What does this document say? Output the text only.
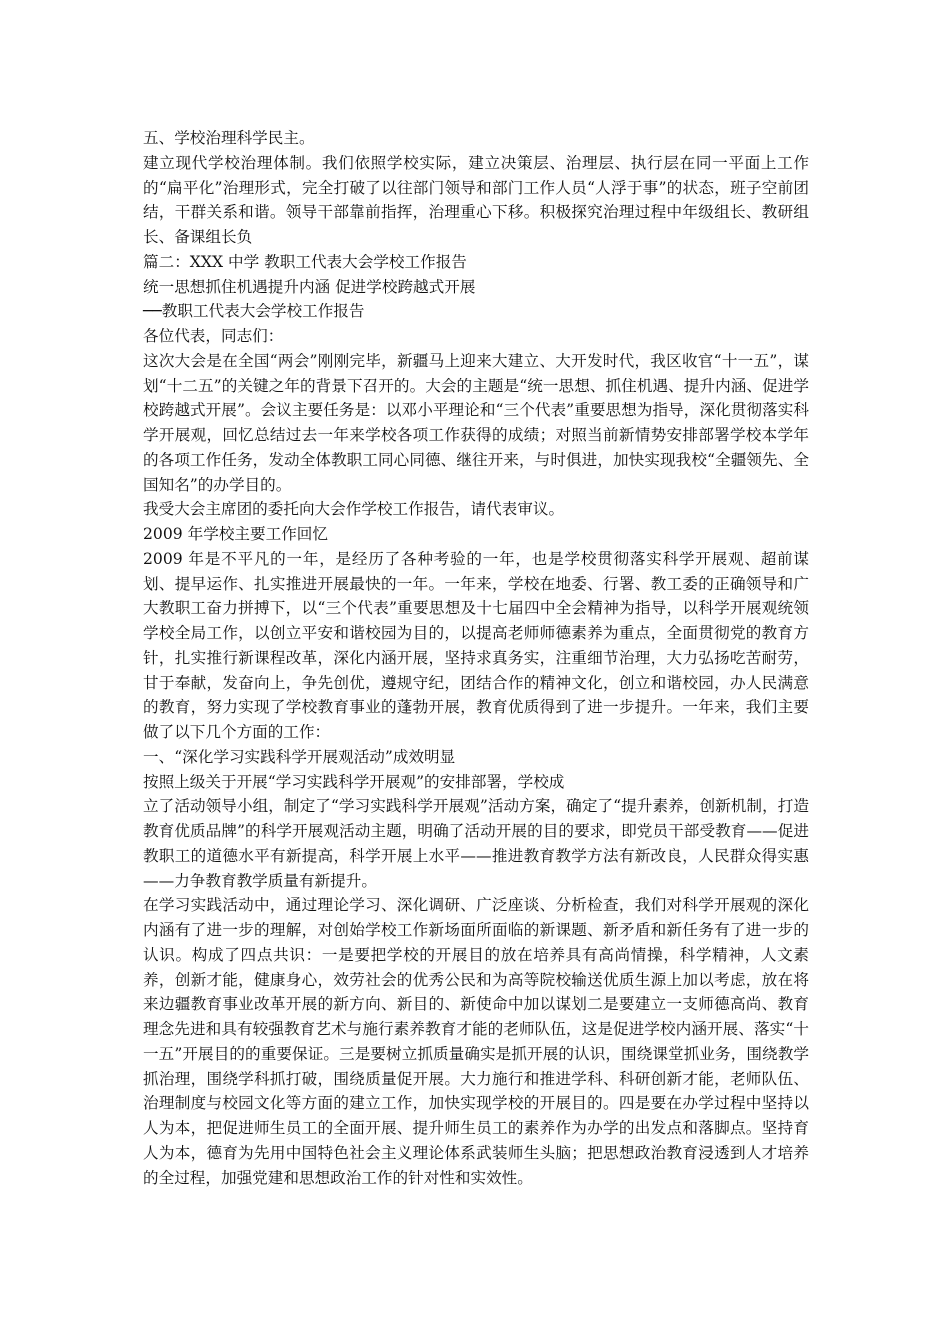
五、学校治理科学民主。

建立现代学校治理体制。我们依照学校实际，建立决策层、治理层、执行层在同一平面上工作的“扁平化”治理形式，完全打破了以往部门领导和部门工作人员“人浮于事”的状态，班子空前团结，干群关系和谐。领导干部靠前指挥，治理重心下移。积极探究治理过程中年级组长、教研组长、备课组长负

篇二：XXX 中学 教职工代表大会学校工作报告

统一思想抓住机遇提升内涵 促进学校跨越式开展

──教职工代表大会学校工作报告

各位代表，同志们：

这次大会是在全国“两会”刚刚完毕，新疆马上迎来大建立、大开发时代，我区收官“十一五”，谋划“十二五”的关键之年的背景下召开的。大会的主题是“统一思想、抓住机遇、提升内涵、促进学校跨越式开展”。会议主要任务是：以邓小平理论和“三个代表”重要思想为指导，深化贯彻落实科学开展观，回忆总结过去一年来学校各项工作获得的成绩；对照当前新情势安排部署学校本学年的各项工作任务，发动全体教职工同心同德、继往开来，与时俱进，加快实现我校“全疆领先、全国知名”的办学目的。

我受大会主席团的委托向大会作学校工作报告，请代表审议。

2009 年学校主要工作回忆

2009 年是不平凡的一年，是经历了各种考验的一年，也是学校贯彻落实科学开展观、超前谋划、提早运作、扎实推进开展最快的一年。一年来，学校在地委、行署、教工委的正确领导和广大教职工奋力拼搏下，以“三个代表”重要思想及十七届四中全会精神为指导，以科学开展观统领学校全局工作，以创立平安和谐校园为目的，以提高老师师德素养为重点，全面贯彻党的教育方针，扎实推行新课程改革，深化内涵开展，坚持求真务实，注重细节治理，大力弘扬吃苦耐劳，甘于奉献，发奋向上，争先创优，遵规守纪，团结合作的精神文化，创立和谐校园，办人民满意的教育，努力实现了学校教育事业的蓬勃开展，教育优质得到了进一步提升。一年来，我们主要做了以下几个方面的工作：

一、“深化学习实践科学开展观活动”成效明显

按照上级关于开展“学习实践科学开展观”的安排部署，学校成

立了活动领导小组，制定了“学习实践科学开展观”活动方案，确定了“提升素养，创新机制，打造教育优质品牌”的科学开展观活动主题，明确了活动开展的目的要求，即党员干部受教育——促进教职工的道德水平有新提高，科学开展上水平——推进教育教学方法有新改良，人民群众得实惠——力争教育教学质量有新提升。

在学习实践活动中，通过理论学习、深化调研、广泛座谈、分析检查，我们对科学开展观的深化内涵有了进一步的理解，对创始学校工作新场面所面临的新课题、新矛盾和新任务有了进一步的认识。构成了四点共识：一是要把学校的开展目的放在培养具有高尚情操，科学精神，人文素养，创新才能，健康身心，效劳社会的优秀公民和为高等院校输送优质生源上加以考虑，放在将来边疆教育事业改革开展的新方向、新目的、新使命中加以谋划二是要建立一支师德高尚、教育理念先进和具有较强教育艺术与施行素养教育才能的老师队伍，这是促进学校内涵开展、落实“十一五”开展目的的重要保证。三是要树立抓质量确实是抓开展的认识，围绕课堂抓业务，围绕教学抓治理，围绕学科抓打破，围绕质量促开展。大力施行和推进学科、科研创新才能，老师队伍、治理制度与校园文化等方面的建立工作，加快实现学校的开展目的。四是要在办学过程中坚持以人为本，把促进师生员工的全面开展、提升师生员工的素养作为办学的出发点和落脚点。坚持育人为本，德育为先用中国特色社会主义理论体系武装师生头脑；把思想政治教育浸透到人才培养的全过程，加强党建和思想政治工作的针对性和实效性。
